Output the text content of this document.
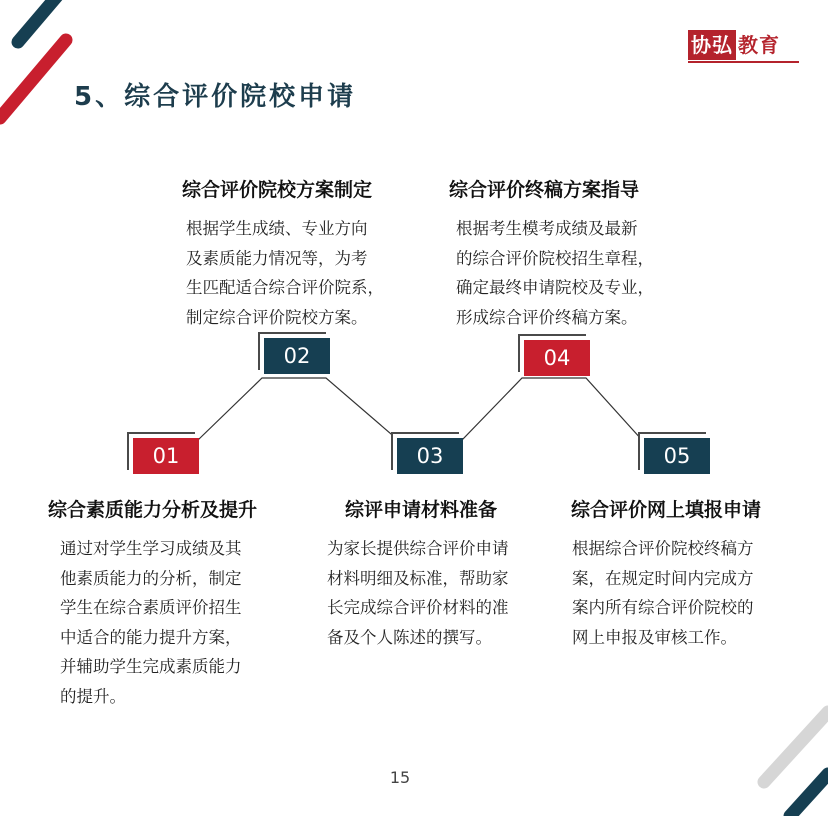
协弘 教育
5、综合评价院校申请
综合素质能力分析及提升
综合评价院校方案制定
综评申请材料准备
综合评价终稿方案指导
综合评价网上填报申请
通过对学生学习成绩及其
他素质能力的分析，制定
学生在综合素质评价招生
中适合的能力提升方案，
并辅助学生完成素质能力
的提升。
根据学生成绩、专业方向
及素质能力情况等，为考
生匹配适合综合评价院系，
制定综合评价院校方案。
为家长提供综合评价申请
材料明细及标准，帮助家
长完成综合评价材料的准
备及个人陈述的撰写。
根据考生模考成绩及最新
的综合评价院校招生章程，
确定最终申请院校及专业，
形成综合评价终稿方案。
根据综合评价院校终稿方
案，在规定时间内完成方
案内所有综合评价院校的
网上申报及审核工作。
01
02
03
04
05
15
